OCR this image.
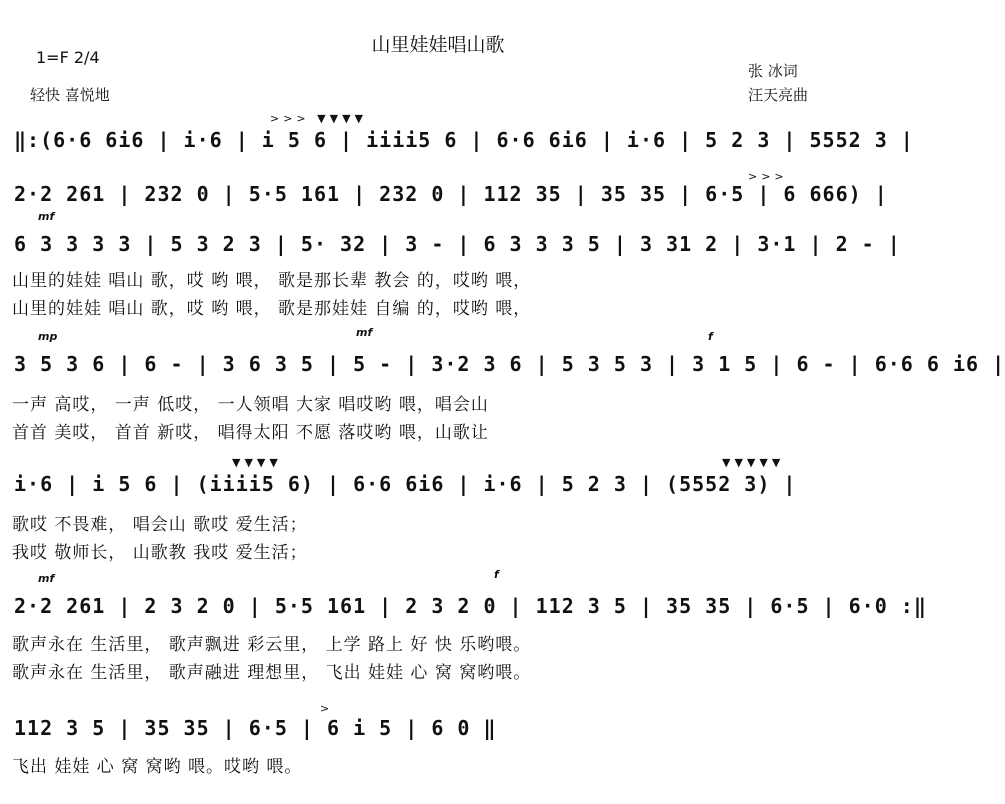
山里娃娃唱山歌
1=F 2/4
轻快 喜悦地
张 冰词
汪天亮曲
>>> ▼▼▼▼
‖:(6·6 6i6 | i·6 | i 5 6 | iiii5 6 | 6·6 6i6 | i·6 | 5 2 3 | 5552 3 |
>>>
2·2 261 | 232 0 | 5·5 161 | 232 0 | 112 35 | 35 35 | 6·5 | 6 666) |
mf
6 3 3 3 3 | 5 3 2 3 | 5· 32 | 3 - | 6 3 3 3 5 | 3 31 2 | 3·1 | 2 - |
山里的娃娃 唱山 歌，哎 哟 喂， 歌是那长辈 教会 的，哎哟 喂，
山里的娃娃 唱山 歌，哎 哟 喂， 歌是那娃娃 自编 的，哎哟 喂，
mp	mf	f
3 5 3 6 | 6 - | 3 6 3 5 | 5 - | 3·2 3 6 | 5 3 5 3 | 3 1 5 | 6 - | 6·6 6 i6 |
一声 高哎， 一声 低哎， 一人领唱 大家 唱哎哟 喂，唱会山
首首 美哎， 首首 新哎， 唱得太阳 不愿 落哎哟 喂，山歌让
▼▼▼▼	▼▼▼▼▼
i·6 | i 5 6 | (iiii5 6) | 6·6 6i6 | i·6 | 5 2 3 | (5552 3) |
歌哎 不畏难， 唱会山 歌哎 爱生活；
我哎 敬师长， 山歌教 我哎 爱生活；
mf	f
2·2 261 | 2 3 2 0 | 5·5 161 | 2 3 2 0 | 112 3 5 | 35 35 | 6·5 | 6·0 :‖
歌声永在 生活里， 歌声飘进 彩云里， 上学 路上 好 快 乐哟喂。
歌声永在 生活里， 歌声融进 理想里， 飞出 娃娃 心 窝 窝哟喂。
>
112 3 5 | 35 35 | 6·5 | 6 i 5 | 6 0 ‖
飞出 娃娃 心 窝 窝哟 喂。哎哟 喂。
